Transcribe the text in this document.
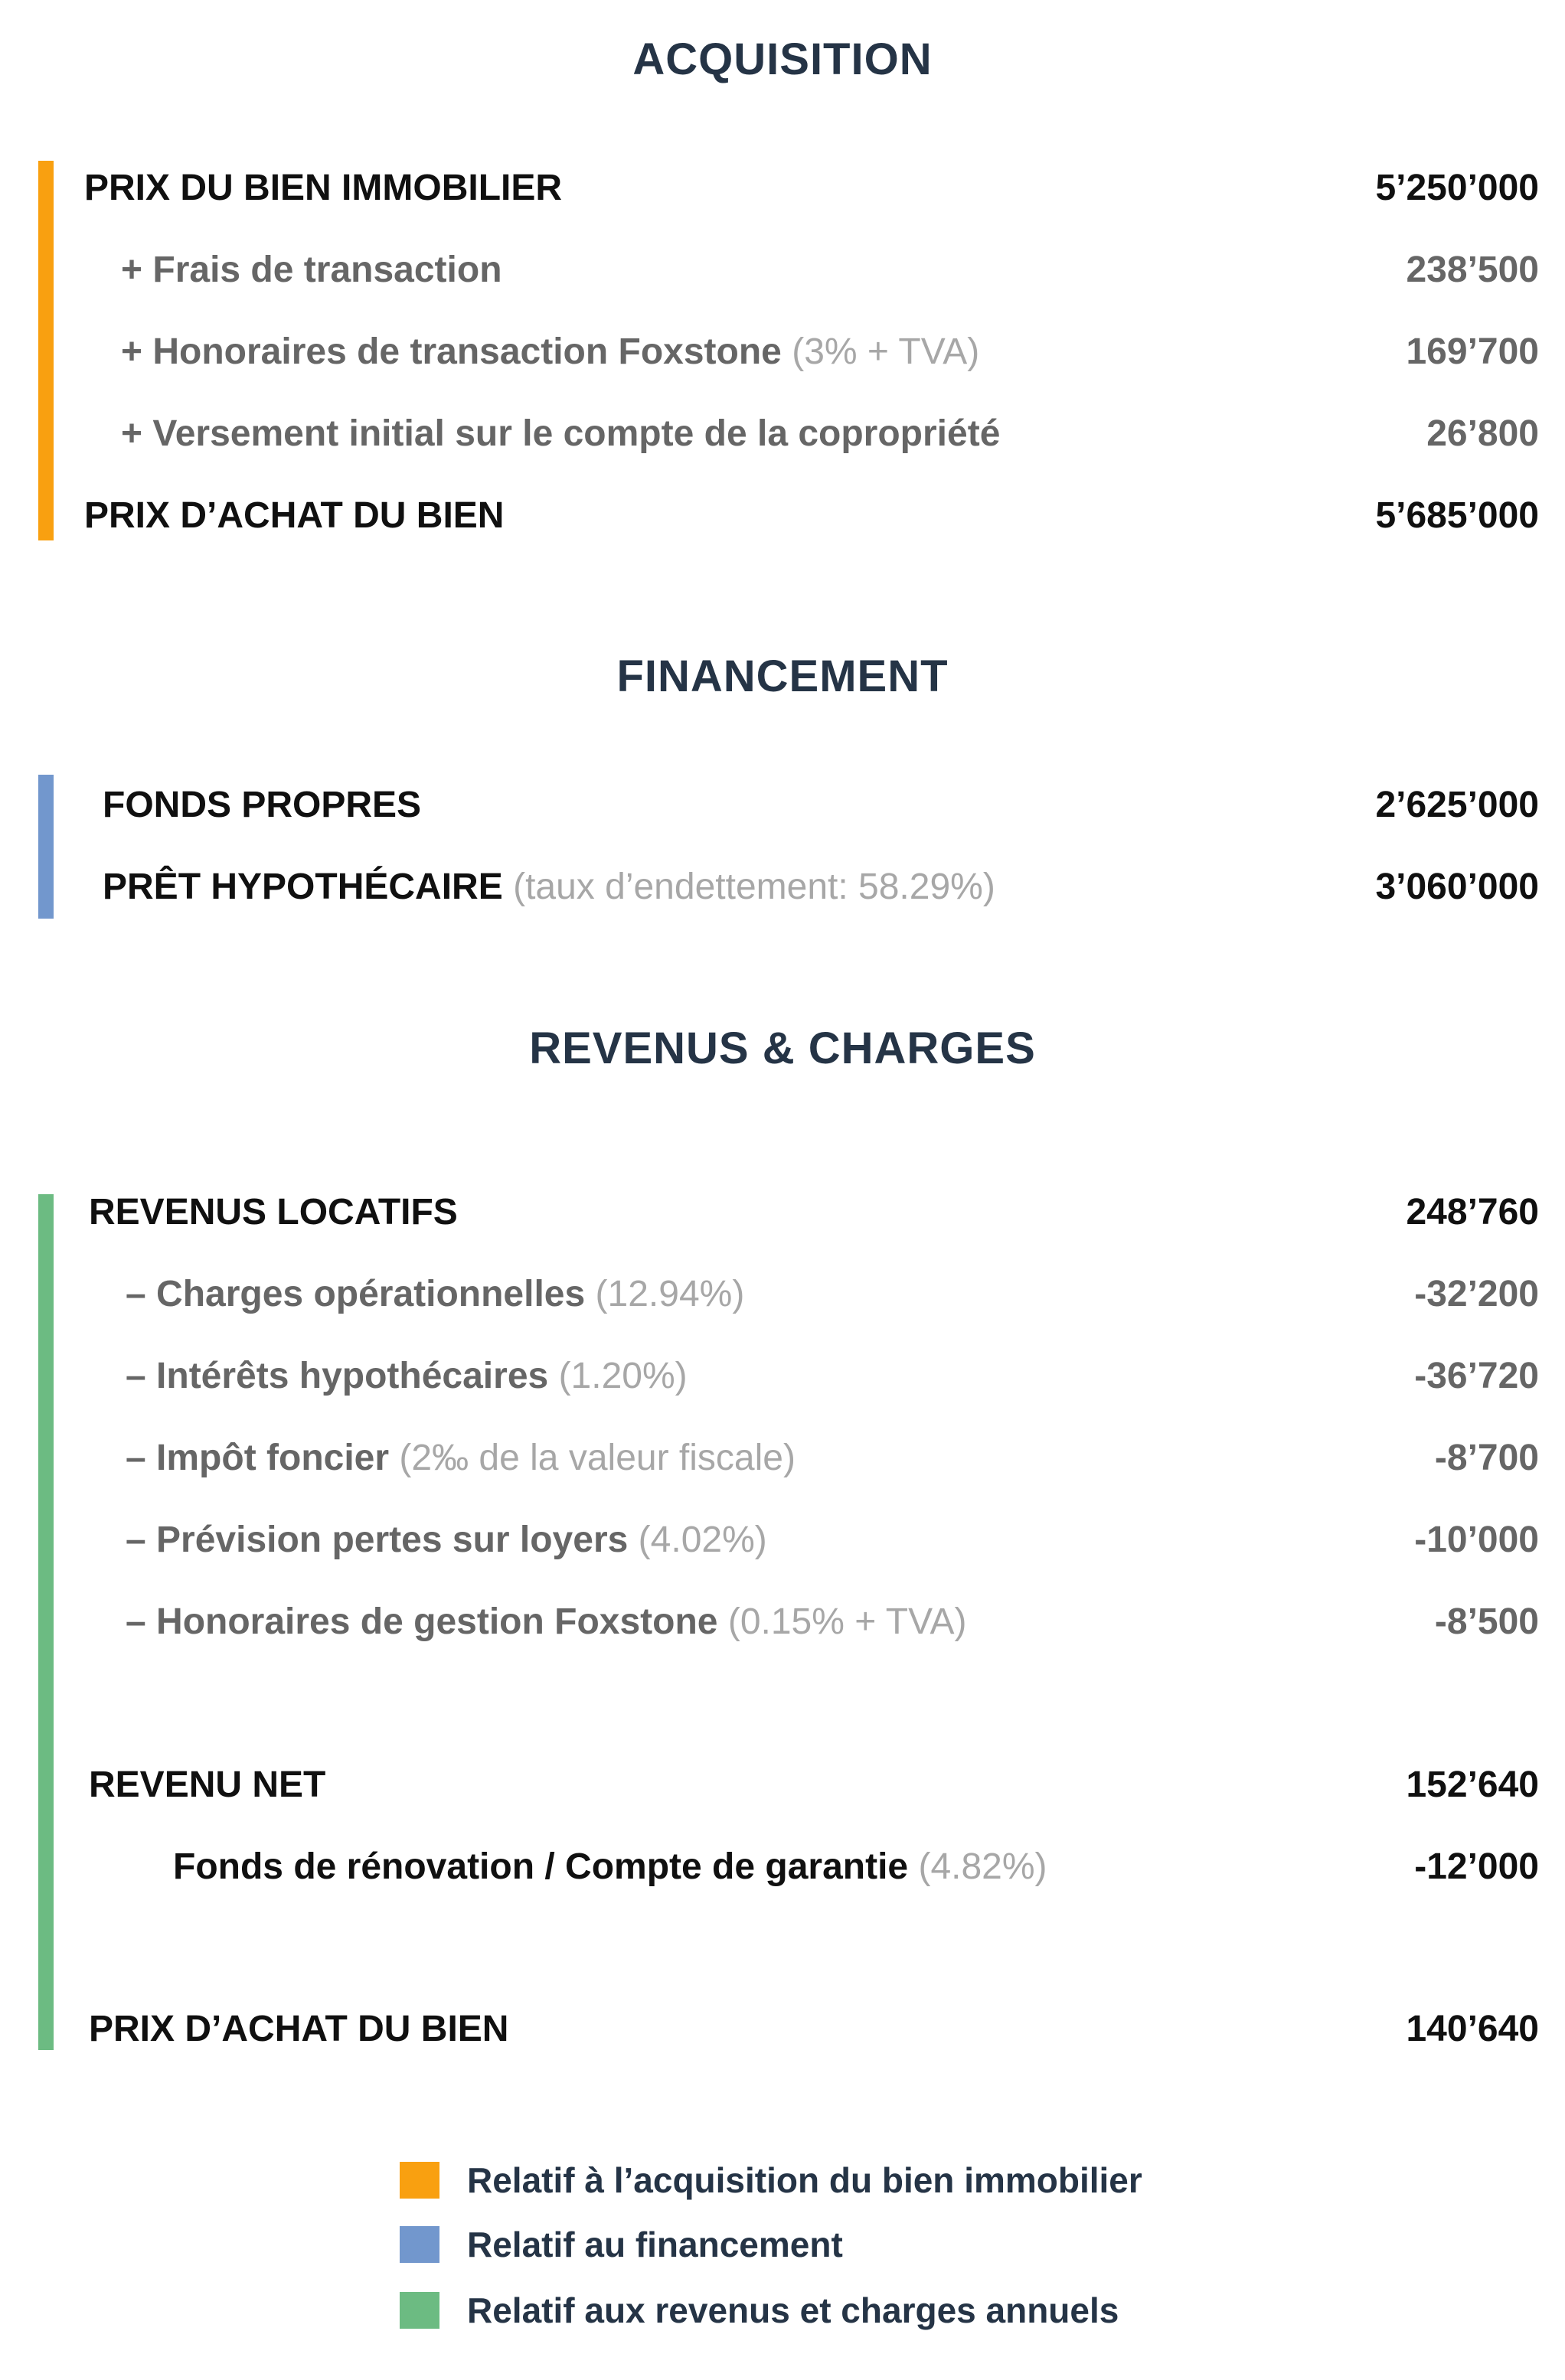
ACQUISITION
PRIX DU BIEN IMMOBILIER	5’250’000
+ Frais de transaction	238’500
+ Honoraires de transaction Foxstone (3% + TVA)	169’700
+ Versement initial sur le compte de la copropriété	26’800
PRIX D’ACHAT DU BIEN	5’685’000
FINANCEMENT
FONDS PROPRES	2’625’000
PRÊT HYPOTHÉCAIRE (taux d’endettement: 58.29%)	3’060’000
REVENUS & CHARGES
REVENUS LOCATIFS	248’760
– Charges opérationnelles (12.94%)	-32’200
– Intérêts hypothécaires (1.20%)	-36’720
– Impôt foncier (2‰ de la valeur fiscale)	-8’700
– Prévision pertes sur loyers (4.02%)	-10’000
– Honoraires de gestion Foxstone (0.15% + TVA)	-8’500
REVENU NET	152’640
Fonds de rénovation / Compte de garantie (4.82%)	-12’000
PRIX D’ACHAT DU BIEN	140’640
Relatif à l’acquisition du bien immobilier
Relatif au financement
Relatif aux revenus et charges annuels
